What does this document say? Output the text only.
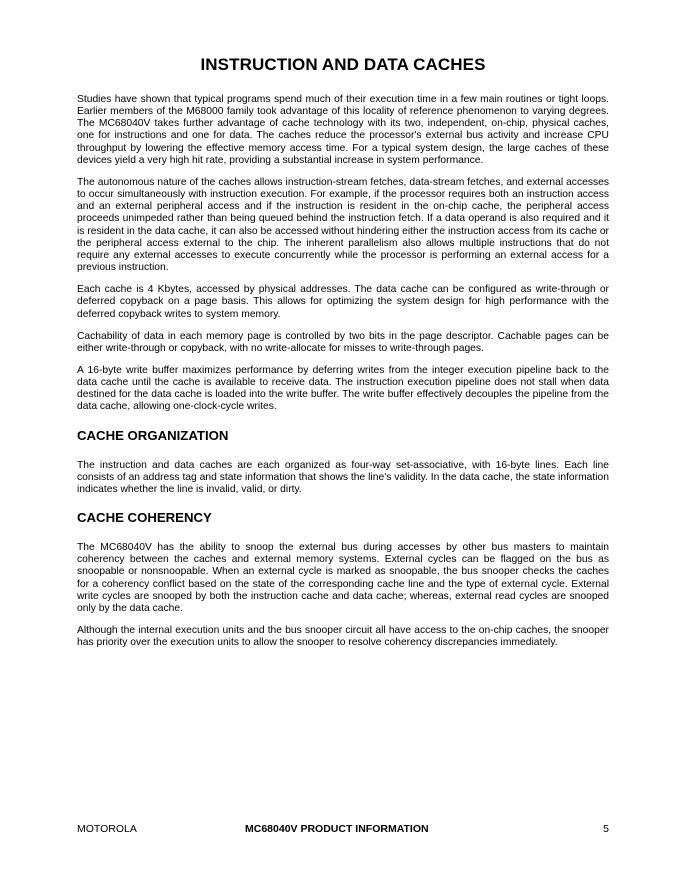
INSTRUCTION AND DATA CACHES

Studies have shown that typical programs spend much of their execution time in a few main routines or tight loops. Earlier members of the M68000 family took advantage of this locality of reference phenomenon to varying degrees. The MC68040V takes further advantage of cache technology with its two, independent, on-chip, physical caches, one for instructions and one for data. The caches reduce the processor's external bus activity and increase CPU throughput by lowering the effective memory access time. For a typical system design, the large caches of these devices yield a very high hit rate, providing a substantial increase in system performance.

The autonomous nature of the caches allows instruction-stream fetches, data-stream fetches, and external accesses to occur simultaneously with instruction execution. For example, if the processor requires both an instruction access and an external peripheral access and if the instruction is resident in the on-chip cache, the peripheral access proceeds unimpeded rather than being queued behind the instruction fetch. If a data operand is also required and it is resident in the data cache, it can also be accessed without hindering either the instruction access from its cache or the peripheral access external to the chip. The inherent parallelism also allows multiple instructions that do not require any external accesses to execute concurrently while the processor is performing an external access for a previous instruction.

Each cache is 4 Kbytes, accessed by physical addresses. The data cache can be configured as write-through or deferred copyback on a page basis. This allows for optimizing the system design for high performance with the deferred copyback writes to system memory.

Cachability of data in each memory page is controlled by two bits in the page descriptor. Cachable pages can be either write-through or copyback, with no write-allocate for misses to write-through pages.

A 16-byte write buffer maximizes performance by deferring writes from the integer execution pipeline back to the data cache until the cache is available to receive data. The instruction execution pipeline does not stall when data destined for the data cache is loaded into the write buffer. The write buffer effectively decouples the pipeline from the data cache, allowing one-clock-cycle writes.

CACHE ORGANIZATION

The instruction and data caches are each organized as four-way set-associative, with 16-byte lines. Each line consists of an address tag and state information that shows the line’s validity. In the data cache, the state information indicates whether the line is invalid, valid, or dirty.

CACHE COHERENCY

The MC68040V has the ability to snoop the external bus during accesses by other bus masters to maintain coherency between the caches and external memory systems. External cycles can be flagged on the bus as snoopable or nonsnoopable. When an external cycle is marked as snoopable, the bus snooper checks the caches for a coherency conflict based on the state of the corresponding cache line and the type of external cycle. External write cycles are snooped by both the instruction cache and data cache; whereas, external read cycles are snooped only by the data cache.

Although the internal execution units and the bus snooper circuit all have access to the on-chip caches, the snooper has priority over the execution units to allow the snooper to resolve coherency discrepancies immediately.

MOTOROLA	MC68040V PRODUCT INFORMATION	5
